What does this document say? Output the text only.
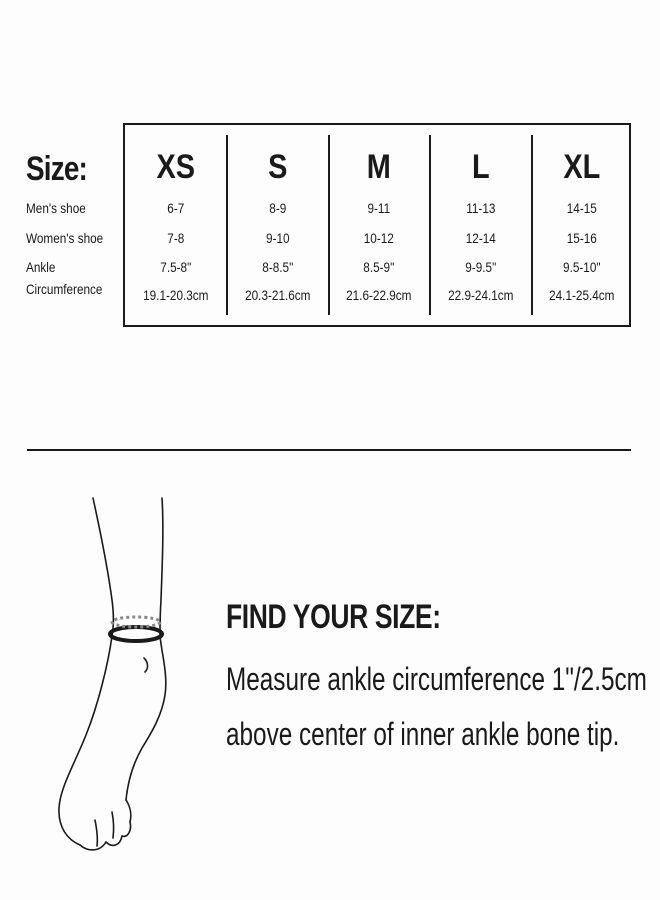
Size:
Men's shoe
Women's shoe
Ankle
Circumference
XS
6-7
7-8
7.5-8"
19.1-20.3cm
S
8-9
9-10
8-8.5"
20.3-21.6cm
M
9-11
10-12
8.5-9"
21.6-22.9cm
L
11-13
12-14
9-9.5"
22.9-24.1cm
XL
14-15
15-16
9.5-10"
24.1-25.4cm
FIND YOUR SIZE:
Measure ankle circumference 1"/2.5cm
above center of inner ankle bone tip.
